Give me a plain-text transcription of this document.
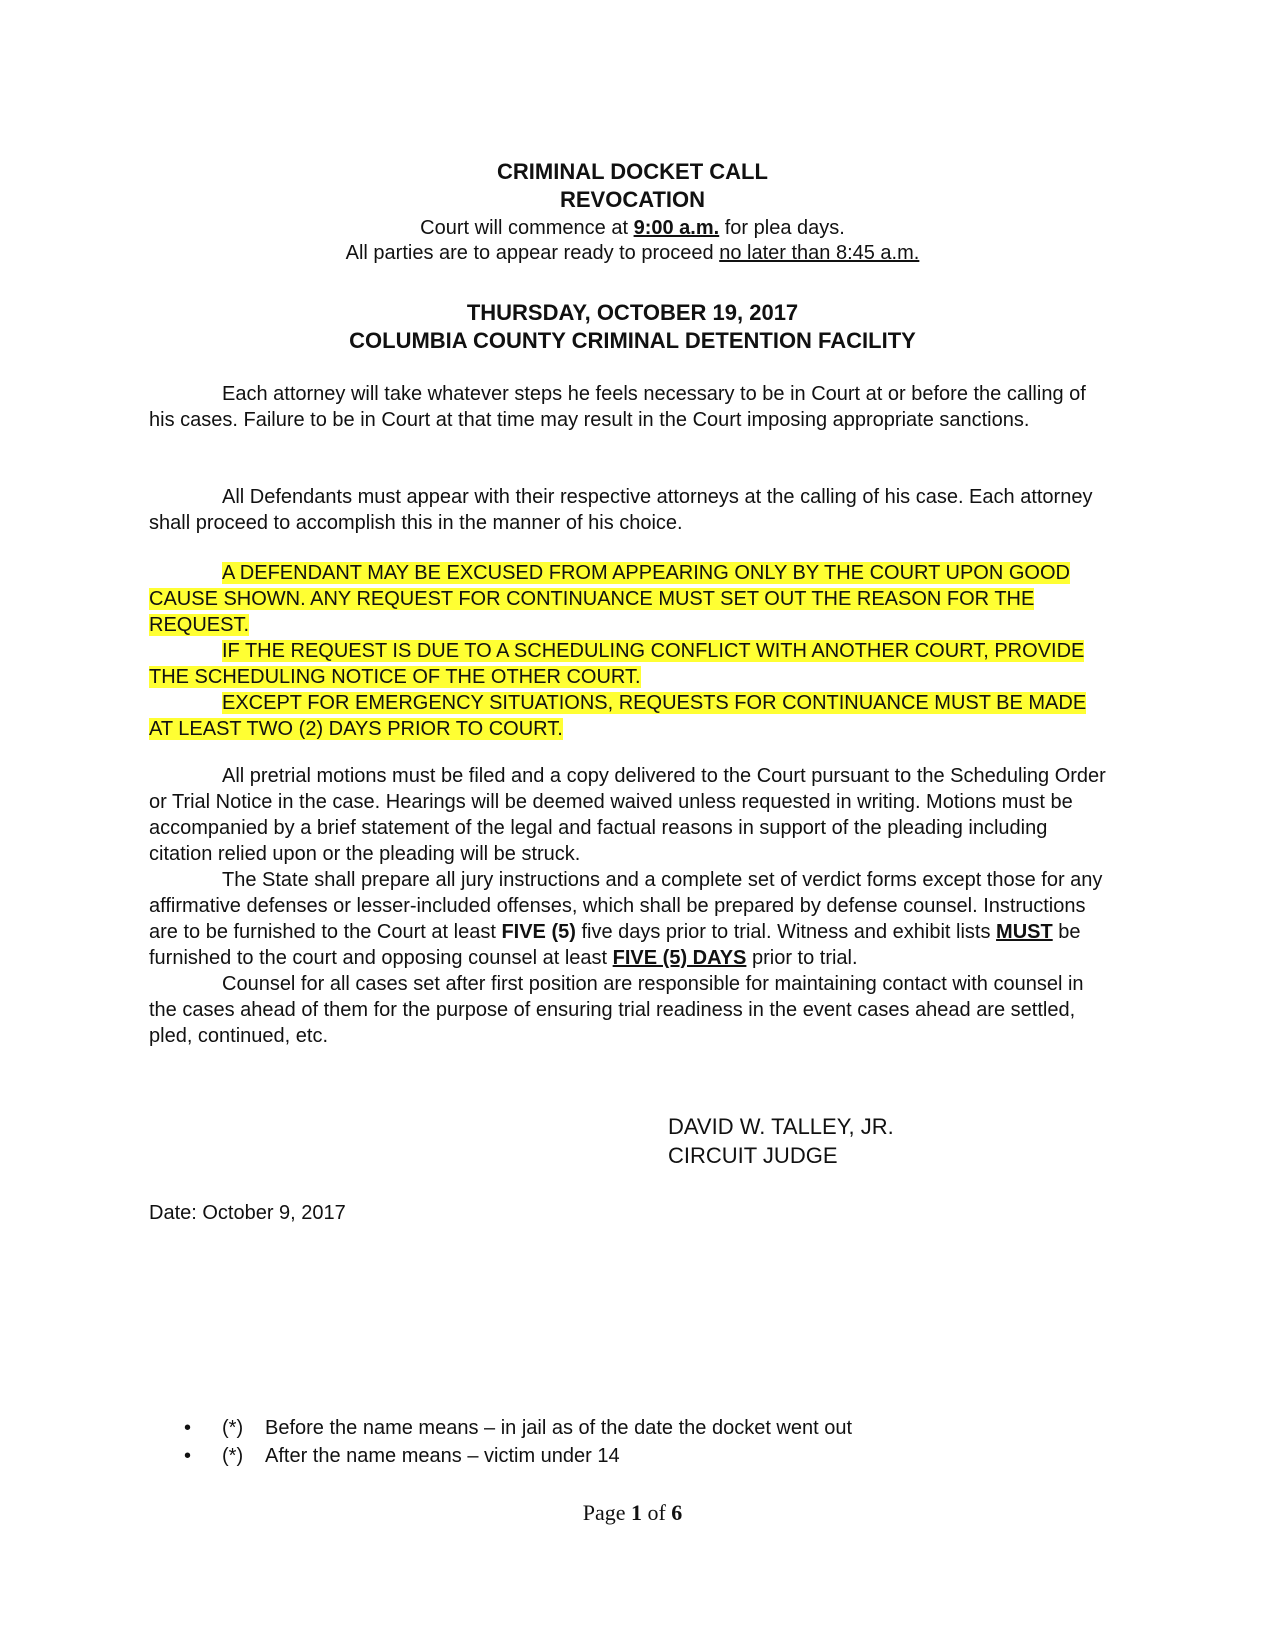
CRIMINAL DOCKET CALL
REVOCATION
Court will commence at 9:00 a.m. for plea days.
All parties are to appear ready to proceed no later than 8:45 a.m.
THURSDAY, OCTOBER 19, 2017
COLUMBIA COUNTY CRIMINAL DETENTION FACILITY

Each attorney will take whatever steps he feels necessary to be in Court at or before the calling of his cases. Failure to be in Court at that time may result in the Court imposing appropriate sanctions.

All Defendants must appear with their respective attorneys at the calling of his case. Each attorney shall proceed to accomplish this in the manner of his choice.

A DEFENDANT MAY BE EXCUSED FROM APPEARING ONLY BY THE COURT UPON GOOD CAUSE SHOWN. ANY REQUEST FOR CONTINUANCE MUST SET OUT THE REASON FOR THE REQUEST.

IF THE REQUEST IS DUE TO A SCHEDULING CONFLICT WITH ANOTHER COURT, PROVIDE THE SCHEDULING NOTICE OF THE OTHER COURT.

EXCEPT FOR EMERGENCY SITUATIONS, REQUESTS FOR CONTINUANCE MUST BE MADE AT LEAST TWO (2) DAYS PRIOR TO COURT.

All pretrial motions must be filed and a copy delivered to the Court pursuant to the Scheduling Order or Trial Notice in the case. Hearings will be deemed waived unless requested in writing. Motions must be accompanied by a brief statement of the legal and factual reasons in support of the pleading including citation relied upon or the pleading will be struck.

The State shall prepare all jury instructions and a complete set of verdict forms except those for any affirmative defenses or lesser-included offenses, which shall be prepared by defense counsel. Instructions are to be furnished to the Court at least FIVE (5) five days prior to trial. Witness and exhibit lists MUST be furnished to the court and opposing counsel at least FIVE (5) DAYS prior to trial.

Counsel for all cases set after first position are responsible for maintaining contact with counsel in the cases ahead of them for the purpose of ensuring trial readiness in the event cases ahead are settled, pled, continued, etc.

DAVID W. TALLEY, JR.
CIRCUIT JUDGE
Date: October 9, 2017
•	(*)	Before the name means – in jail as of the date the docket went out
•	(*)	After the name means – victim under 14
Page 1 of 6
